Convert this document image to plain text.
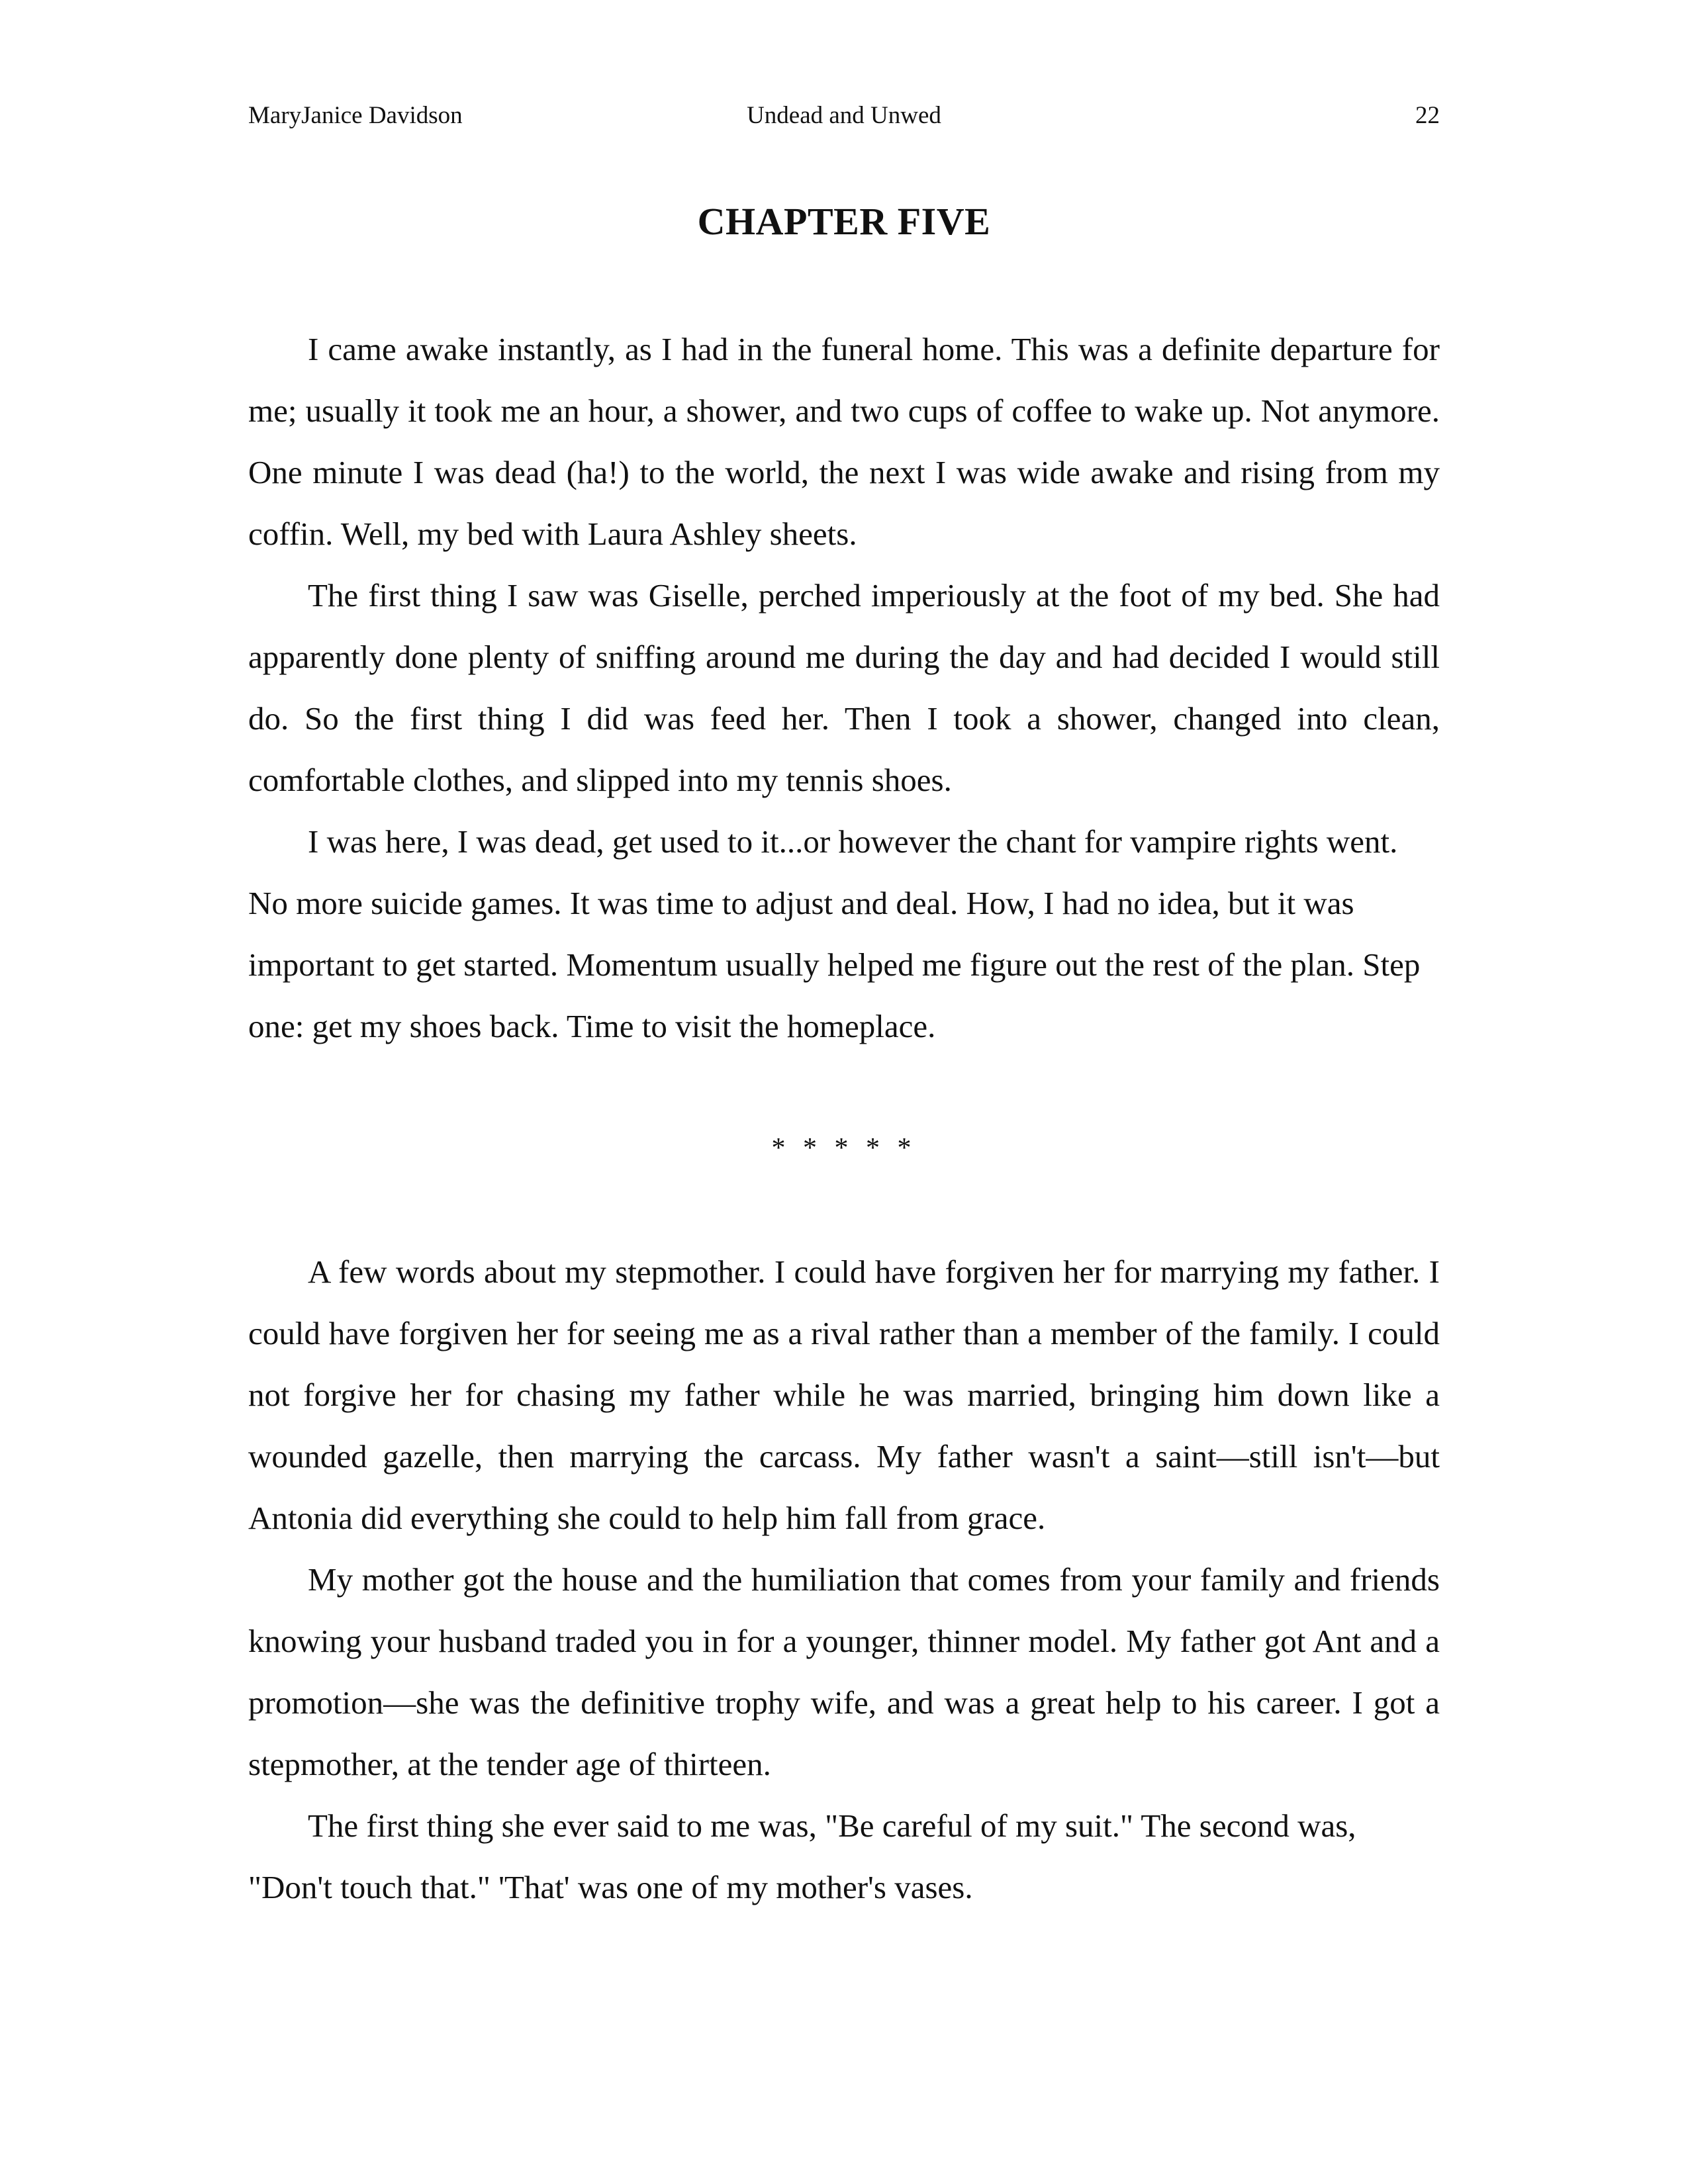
MaryJanice Davidson	Undead and Unwed	22
CHAPTER FIVE

I came awake instantly, as I had in the funeral home. This was a definite departure for me; usually it took me an hour, a shower, and two cups of coffee to wake up. Not anymore. One minute I was dead (ha!) to the world, the next I was wide awake and rising from my coffin. Well, my bed with Laura Ashley sheets.

The first thing I saw was Giselle, perched imperiously at the foot of my bed. She had apparently done plenty of sniffing around me during the day and had decided I would still do. So the first thing I did was feed her. Then I took a shower, changed into clean, comfortable clothes, and slipped into my tennis shoes.

I was here, I was dead, get used to it...or however the chant for vampire rights went. No more suicide games. It was time to adjust and deal. How, I had no idea, but it was important to get started. Momentum usually helped me figure out the rest of the plan. Step one: get my shoes back. Time to visit the homeplace.

* * * * *

A few words about my stepmother. I could have forgiven her for marrying my father. I could have forgiven her for seeing me as a rival rather than a member of the family. I could not forgive her for chasing my father while he was married, bringing him down like a wounded gazelle, then marrying the carcass. My father wasn't a saint—still isn't—but Antonia did everything she could to help him fall from grace.

My mother got the house and the humiliation that comes from your family and friends knowing your husband traded you in for a younger, thinner model. My father got Ant and a promotion—she was the definitive trophy wife, and was a great help to his career. I got a stepmother, at the tender age of thirteen.

The first thing she ever said to me was, "Be careful of my suit." The second was, "Don't touch that." 'That' was one of my mother's vases.
